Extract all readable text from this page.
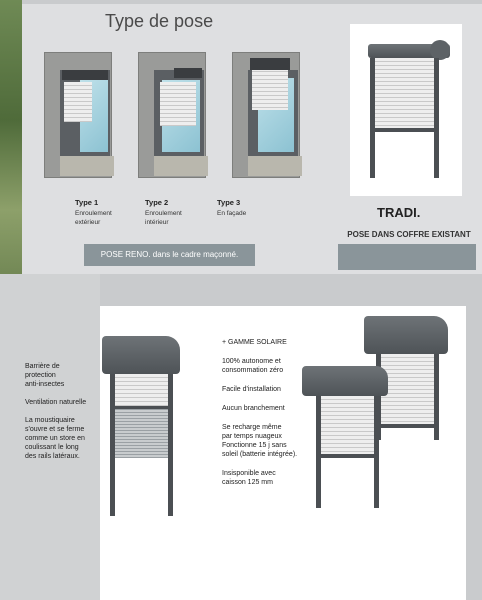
Type de pose
Type 1
Enroulement
extérieur
Type 2
Enroulement
intérieur
Type 3
En façade
POSE RENO. dans le cadre maçonné.
TRADI.
POSE DANS COFFRE EXISTANT

Barrière de
protection
anti-insectes

Ventilation naturelle

La moustiquaire
s'ouvre et se ferme
comme un store en
coulissant le long
des rails latéraux.

+ GAMME SOLAIRE

100% autonome et
consommation zéro

Facile d'installation

Aucun branchement

Se recharge même
par temps nuageux
Fonctionne 15 j sans
soleil (batterie intégrée).

Insisponible avec
caisson 125 mm
